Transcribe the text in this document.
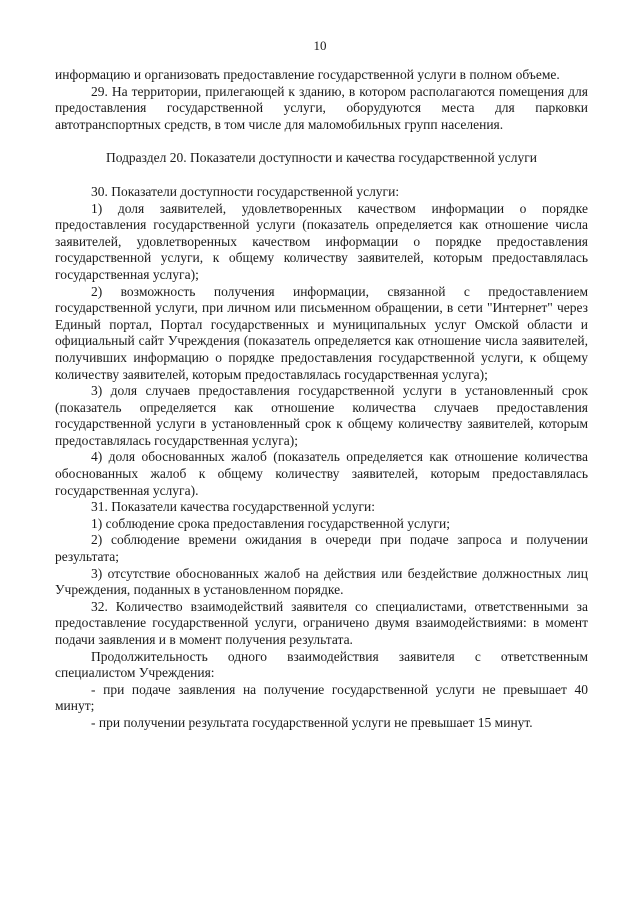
10

информацию и организовать предоставление государственной услуги в полном объеме.

29. На территории, прилегающей к зданию, в котором располагаются помещения для предоставления государственной услуги, оборудуются места для парковки автотранспортных средств, в том числе для маломобильных групп населения.

Подраздел 20. Показатели доступности и качества государственной услуги

30. Показатели доступности государственной услуги:

1) доля заявителей, удовлетворенных качеством информации о порядке предоставления государственной услуги (показатель определяется как отношение числа заявителей, удовлетворенных качеством информации о порядке предоставления государственной услуги, к общему количеству заявителей, которым предоставлялась государственная услуга);

2) возможность получения информации, связанной с предоставлением государственной услуги, при личном или письменном обращении, в сети "Интернет" через Единый портал, Портал государственных и муниципальных услуг Омской области и официальный сайт Учреждения (показатель определяется как отношение числа заявителей, получивших информацию о порядке предоставления государственной услуги, к общему количеству заявителей, которым предоставлялась государственная услуга);

3) доля случаев предоставления государственной услуги в установленный срок (показатель определяется как отношение количества случаев предоставления государственной услуги в установленный срок к общему количеству заявителей, которым предоставлялась государственная услуга);

4) доля обоснованных жалоб (показатель определяется как отношение количества обоснованных жалоб к общему количеству заявителей, которым предоставлялась государственная услуга).

31. Показатели качества государственной услуги:

1) соблюдение срока предоставления государственной услуги;

2) соблюдение времени ожидания в очереди при подаче запроса и получении результата;

3) отсутствие обоснованных жалоб на действия или бездействие должностных лиц Учреждения, поданных в установленном порядке.

32. Количество взаимодействий заявителя со специалистами, ответственными за предоставление государственной услуги, ограничено двумя взаимодействиями: в момент подачи заявления и в момент получения результата.

Продолжительность одного взаимодействия заявителя с ответственным специалистом Учреждения:

- при подаче заявления на получение государственной услуги не превышает 40 минут;

- при получении результата государственной услуги не превышает 15 минут.
